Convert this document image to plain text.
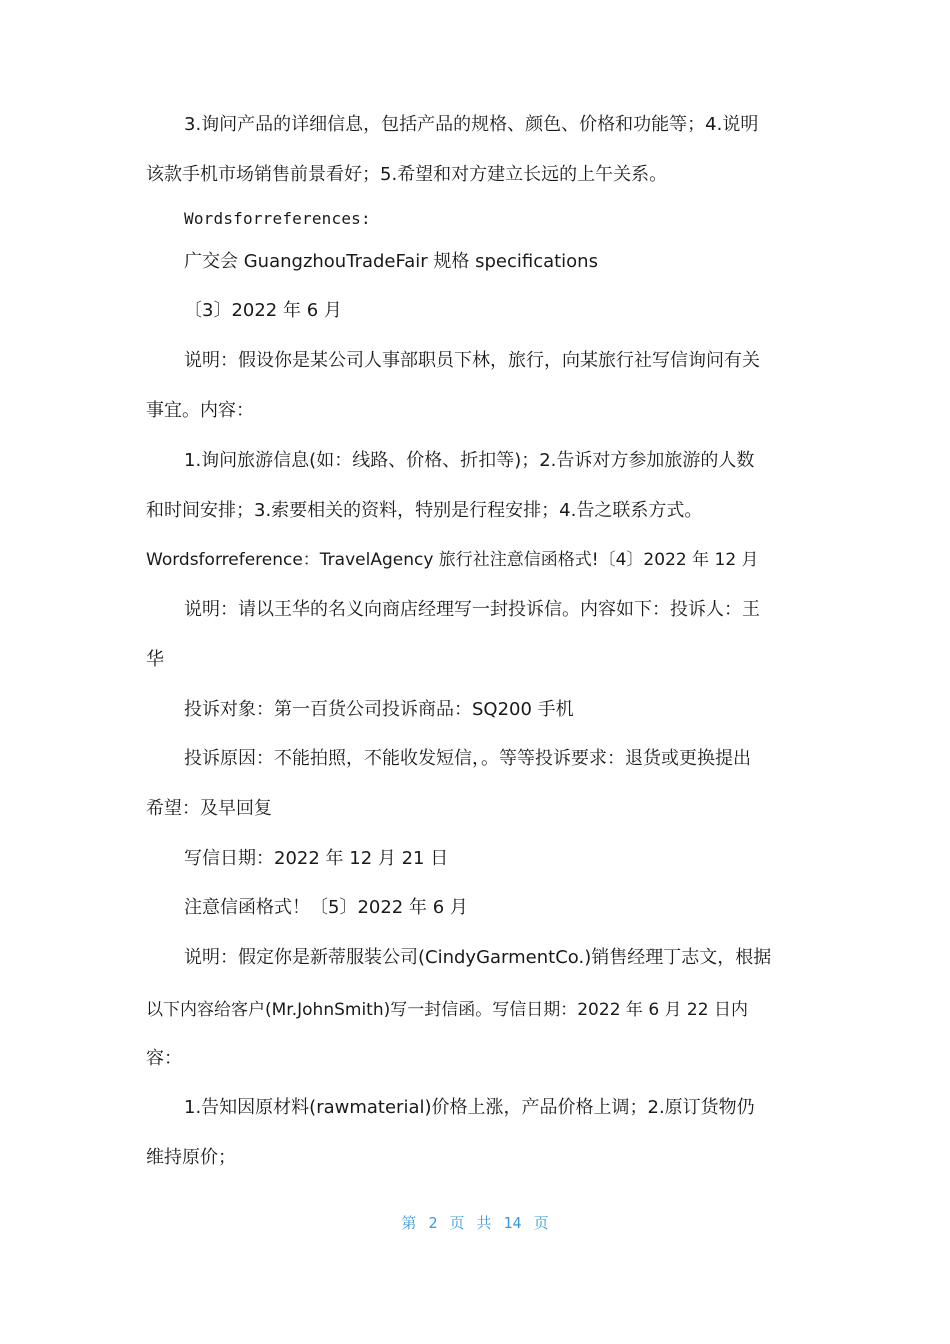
3.询问产品的详细信息，包括产品的规格、颜色、价格和功能等；4.说明
该款手机市场销售前景看好；5.希望和对方建立长远的上午关系。
Wordsforreferences:
广交会 GuangzhouTradeFair 规格 specifications
〔3〕2022 年 6 月
说明：假设你是某公司人事部职员下林，旅行，向某旅行社写信询问有关
事宜。内容：
1.询问旅游信息(如：线路、价格、折扣等)；2.告诉对方参加旅游的人数
和时间安排；3.索要相关的资料，特别是行程安排；4.告之联系方式。
Wordsforreference：TravelAgency 旅行社注意信函格式!〔4〕2022 年 12 月
说明：请以王华的名义向商店经理写一封投诉信。内容如下：投诉人：王
华
投诉对象：第一百货公司投诉商品：SQ200 手机
投诉原因：不能拍照，不能收发短信，。等等投诉要求：退货或更换提出
希望：及早回复
写信日期：2022 年 12 月 21 日
注意信函格式！〔5〕2022 年 6 月
说明：假定你是新蒂服装公司(CindyGarmentCo.)销售经理丁志文，根据
以下内容给客户(Mr.JohnSmith)写一封信函。写信日期：2022 年 6 月 22 日内
容：
1.告知因原材料(rawmaterial)价格上涨，产品价格上调；2.原订货物仍
维持原价；
第 2 页 共 14 页
